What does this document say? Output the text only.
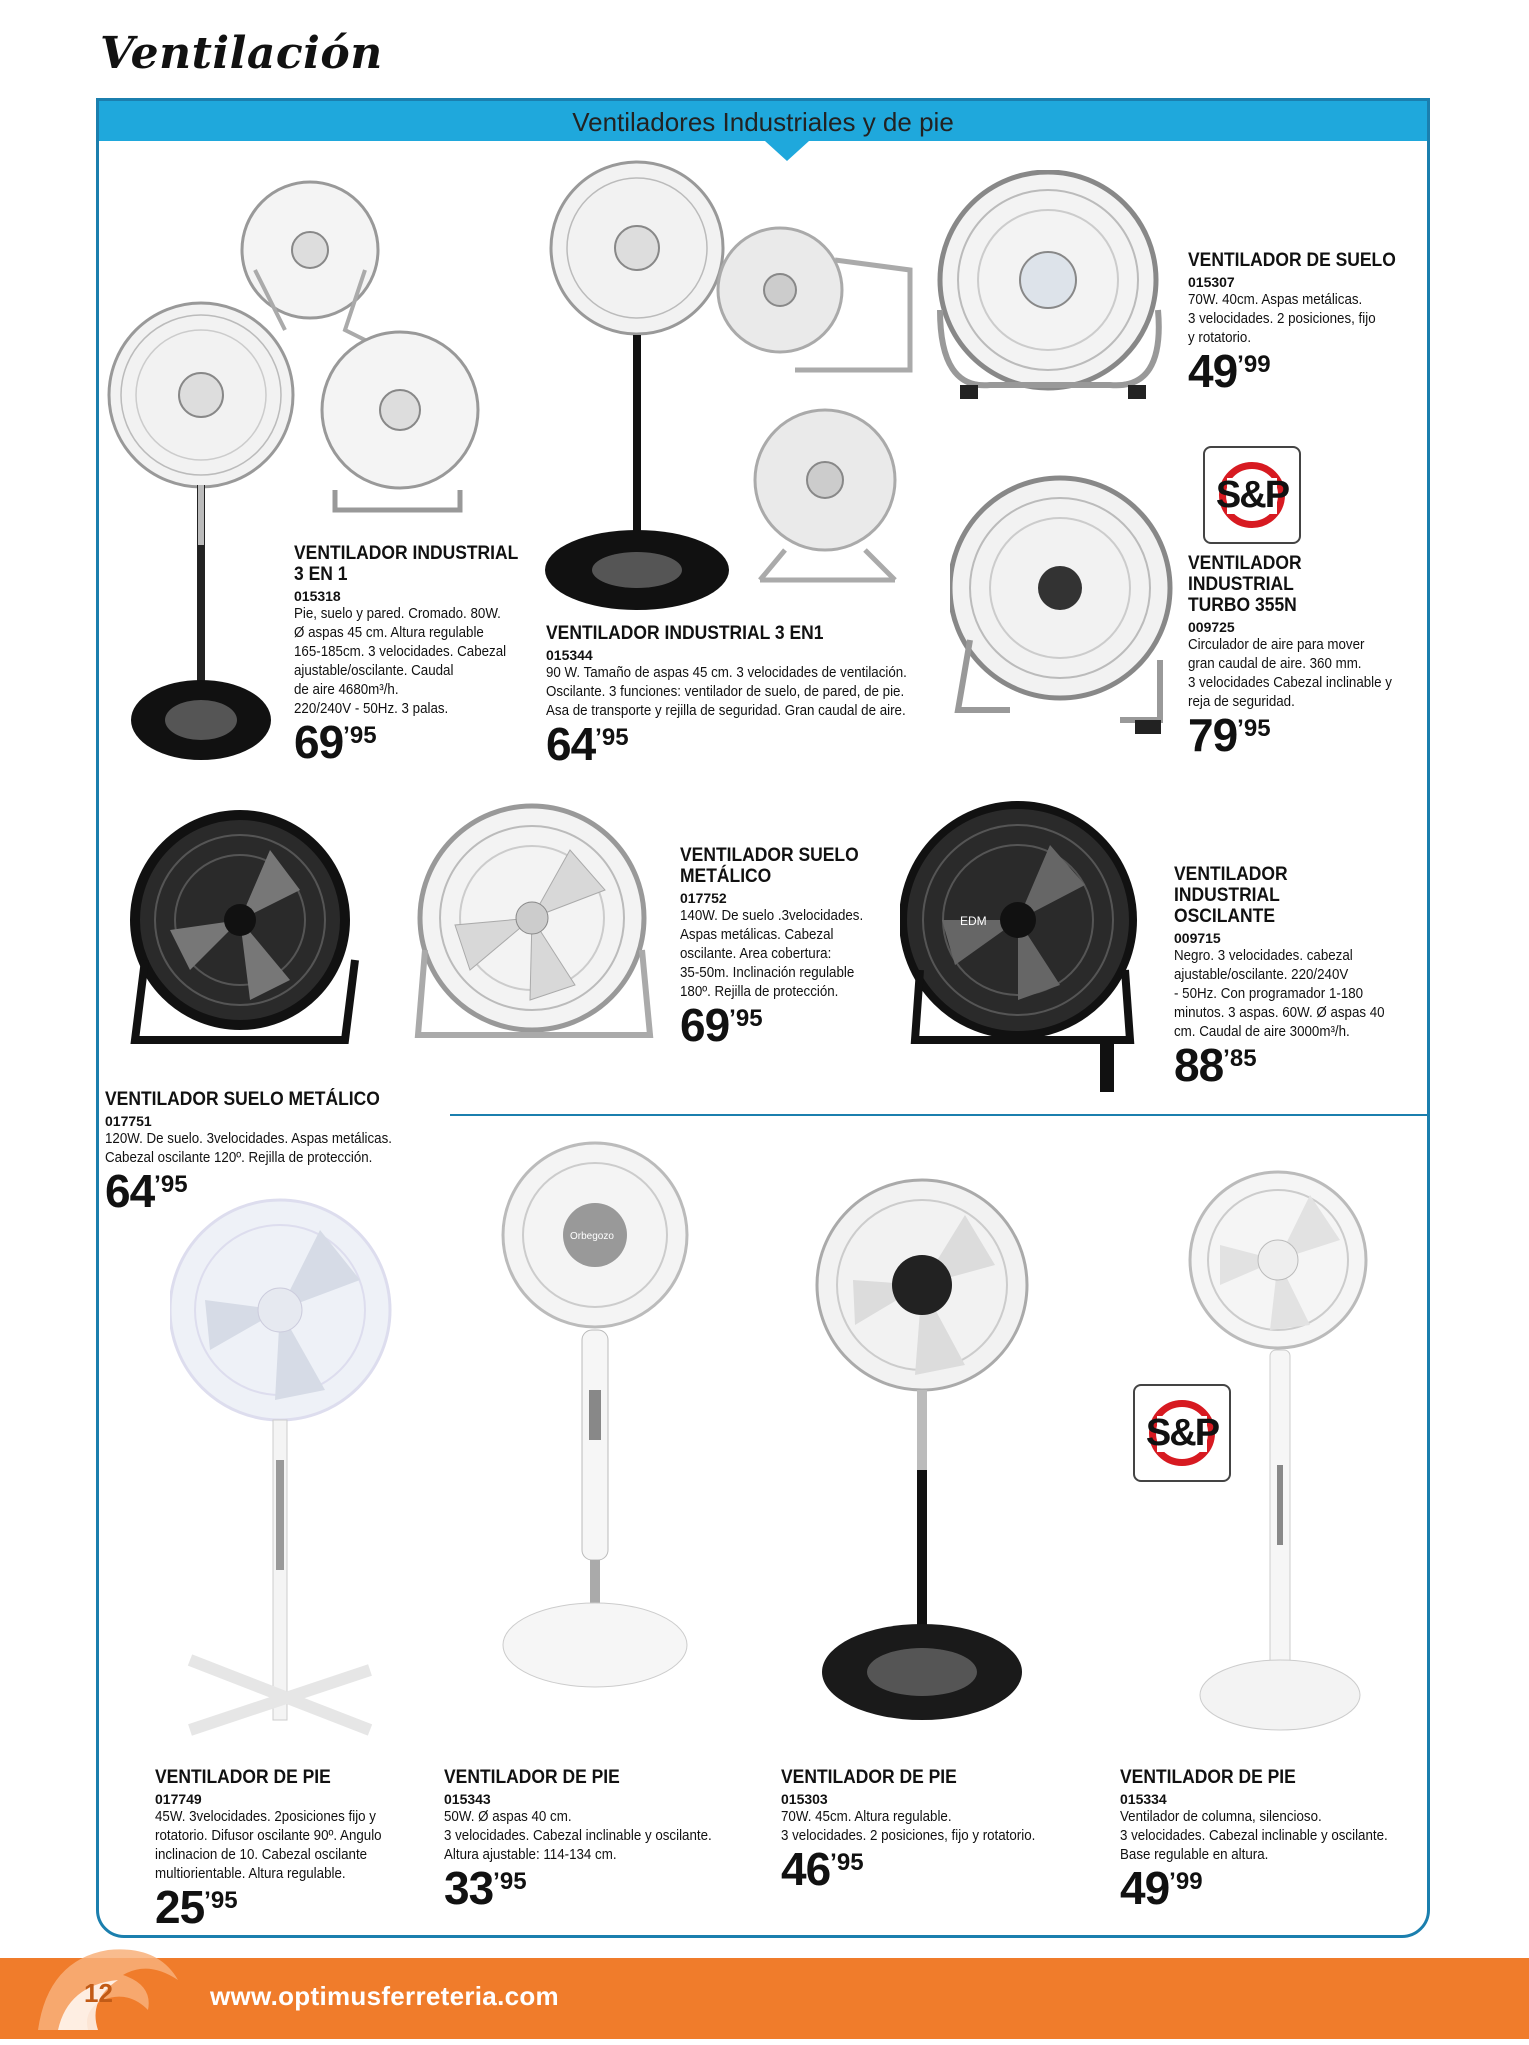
Ventilación
Ventiladores Industriales y de pie
EDM
Orbegozo
S&P
S&P
VENTILADOR INDUSTRIAL
3 EN 1
015318
Pie, suelo y pared. Cromado. 80W.
Ø aspas 45 cm. Altura regulable
165-185cm. 3 velocidades. Cabezal
ajustable/oscilante. Caudal
de aire 4680m³/h.
220/240V - 50Hz. 3 palas.
69’95
VENTILADOR INDUSTRIAL 3 EN1
015344
90 W. Tamaño de aspas 45 cm. 3 velocidades de ventilación.
Oscilante. 3 funciones: ventilador de suelo, de pared, de pie.
Asa de transporte y rejilla de seguridad. Gran caudal de aire.
64’95
VENTILADOR DE SUELO
015307
70W. 40cm. Aspas metálicas.
3 velocidades. 2 posiciones, fijo
y rotatorio.
49’99
VENTILADOR INDUSTRIAL
TURBO 355N
009725
Circulador de aire para mover
gran caudal de aire. 360 mm.
3 velocidades Cabezal inclinable y
reja de seguridad.
79’95
VENTILADOR SUELO
METÁLICO
017752
140W. De suelo .3velocidades.
Aspas metálicas. Cabezal
oscilante. Area cobertura:
35-50m. Inclinación regulable
180º. Rejilla de protección.
69’95
VENTILADOR INDUSTRIAL
OSCILANTE
009715
Negro. 3 velocidades. cabezal
ajustable/oscilante. 220/240V
- 50Hz. Con programador 1-180
minutos. 3 aspas. 60W. Ø aspas 40
cm. Caudal de aire 3000m³/h.
88’85
VENTILADOR SUELO METÁLICO
017751
120W. De suelo. 3velocidades. Aspas metálicas.
Cabezal oscilante 120º. Rejilla de protección.
64’95
VENTILADOR DE PIE
017749
45W. 3velocidades. 2posiciones fijo y
rotatorio. Difusor oscilante 90º. Angulo
inclinacion de 10. Cabezal oscilante
multiorientable. Altura regulable.
25’95
VENTILADOR DE PIE
015343
50W. Ø aspas 40 cm.
3 velocidades. Cabezal inclinable y oscilante.
Altura ajustable: 114-134 cm.
33’95
VENTILADOR DE PIE
015303
70W. 45cm. Altura regulable.
3 velocidades. 2 posiciones, fijo y rotatorio.
46’95
VENTILADOR DE PIE
015334
Ventilador de columna, silencioso.
3 velocidades. Cabezal inclinable y oscilante.
Base regulable en altura.
49’99
12	www.optimusferreteria.com
